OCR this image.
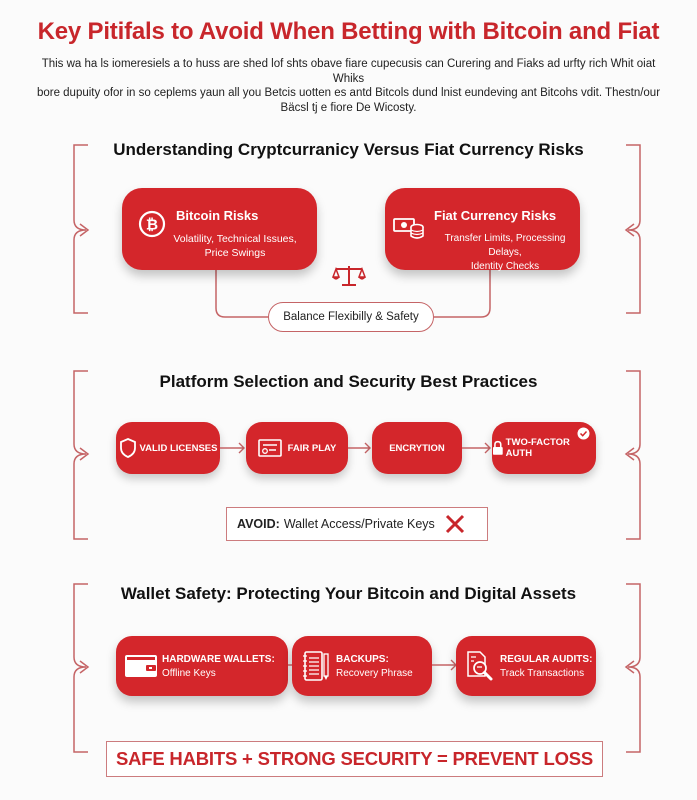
Key Pitifals to Avoid When Betting with Bitcoin and Fiat
This wa ha ls iomeresiels a to huss are shed lof shts obave fiare cupecusis can Curering and Fiaks ad urfty rich Whit oiat Whiks
bore dupuity ofor in so ceplems yaun all you Betcis uotten es antd Bitcols dund lnist eundeving ant Bitcohs vdit. Thestn/our
Bäcsl tj e fiore De Wicosty.
Understanding Cryptcurranicy Versus Fiat Currency Risks
₿
Bitcoin Risks
Volatility, Technical Issues,
Price Swings
Fiat Currency Risks
Transfer Limits, Processing Delays,
Identity Checks
Balance Flexibilly & Safety
Platform Selection and Security Best Practices
VALID LICENSES	FAIR PLAY	ENCRYTION	TWO-FACTOR AUTH
AVOID: Wallet Access/Private Keys
Wallet Safety: Protecting Your Bitcoin and Digital Assets
HARDWARE WALLETS:
Offline Keys
BACKUPS:
Recovery Phrase
REGULAR AUDITS:
Track Transactions
SAFE HABITS + STRONG SECURITY = PREVENT LOSS
